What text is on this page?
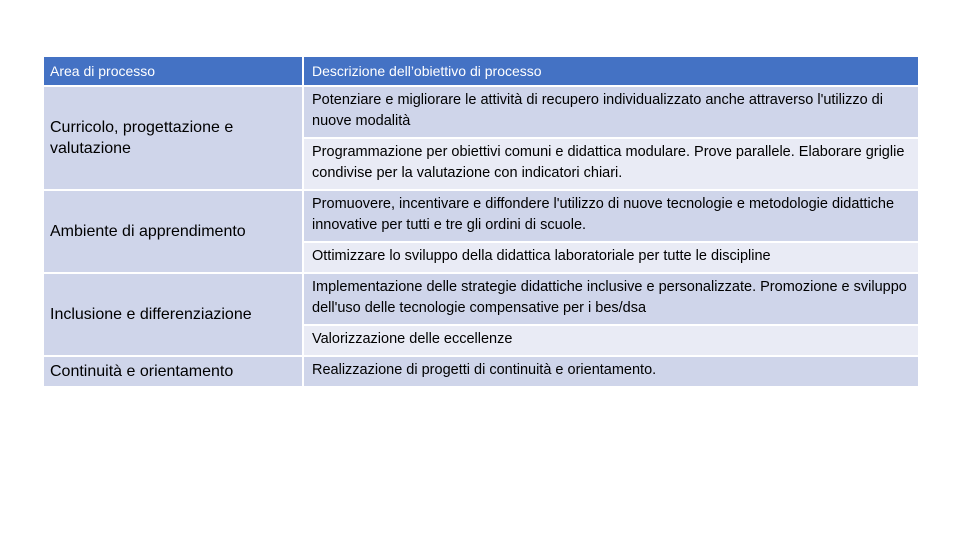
Area di processo	Descrizione dell’obiettivo di processo
Curricolo, progettazione e valutazione	Potenziare e migliorare le attività di recupero individualizzato anche attraverso l'utilizzo di nuove modalità
	Programmazione per obiettivi comuni e didattica modulare. Prove parallele. Elaborare griglie condivise per la valutazione con indicatori chiari.
Ambiente di apprendimento	Promuovere, incentivare e diffondere l'utilizzo di nuove tecnologie e metodologie didattiche innovative per tutti e tre gli ordini di scuole.
	Ottimizzare lo sviluppo della didattica laboratoriale per tutte le discipline
Inclusione e differenziazione	Implementazione delle strategie didattiche inclusive e personalizzate. Promozione e sviluppo dell'uso delle tecnologie compensative per i bes/dsa
	Valorizzazione delle eccellenze
Continuità e orientamento	Realizzazione di progetti di continuità e orientamento.
